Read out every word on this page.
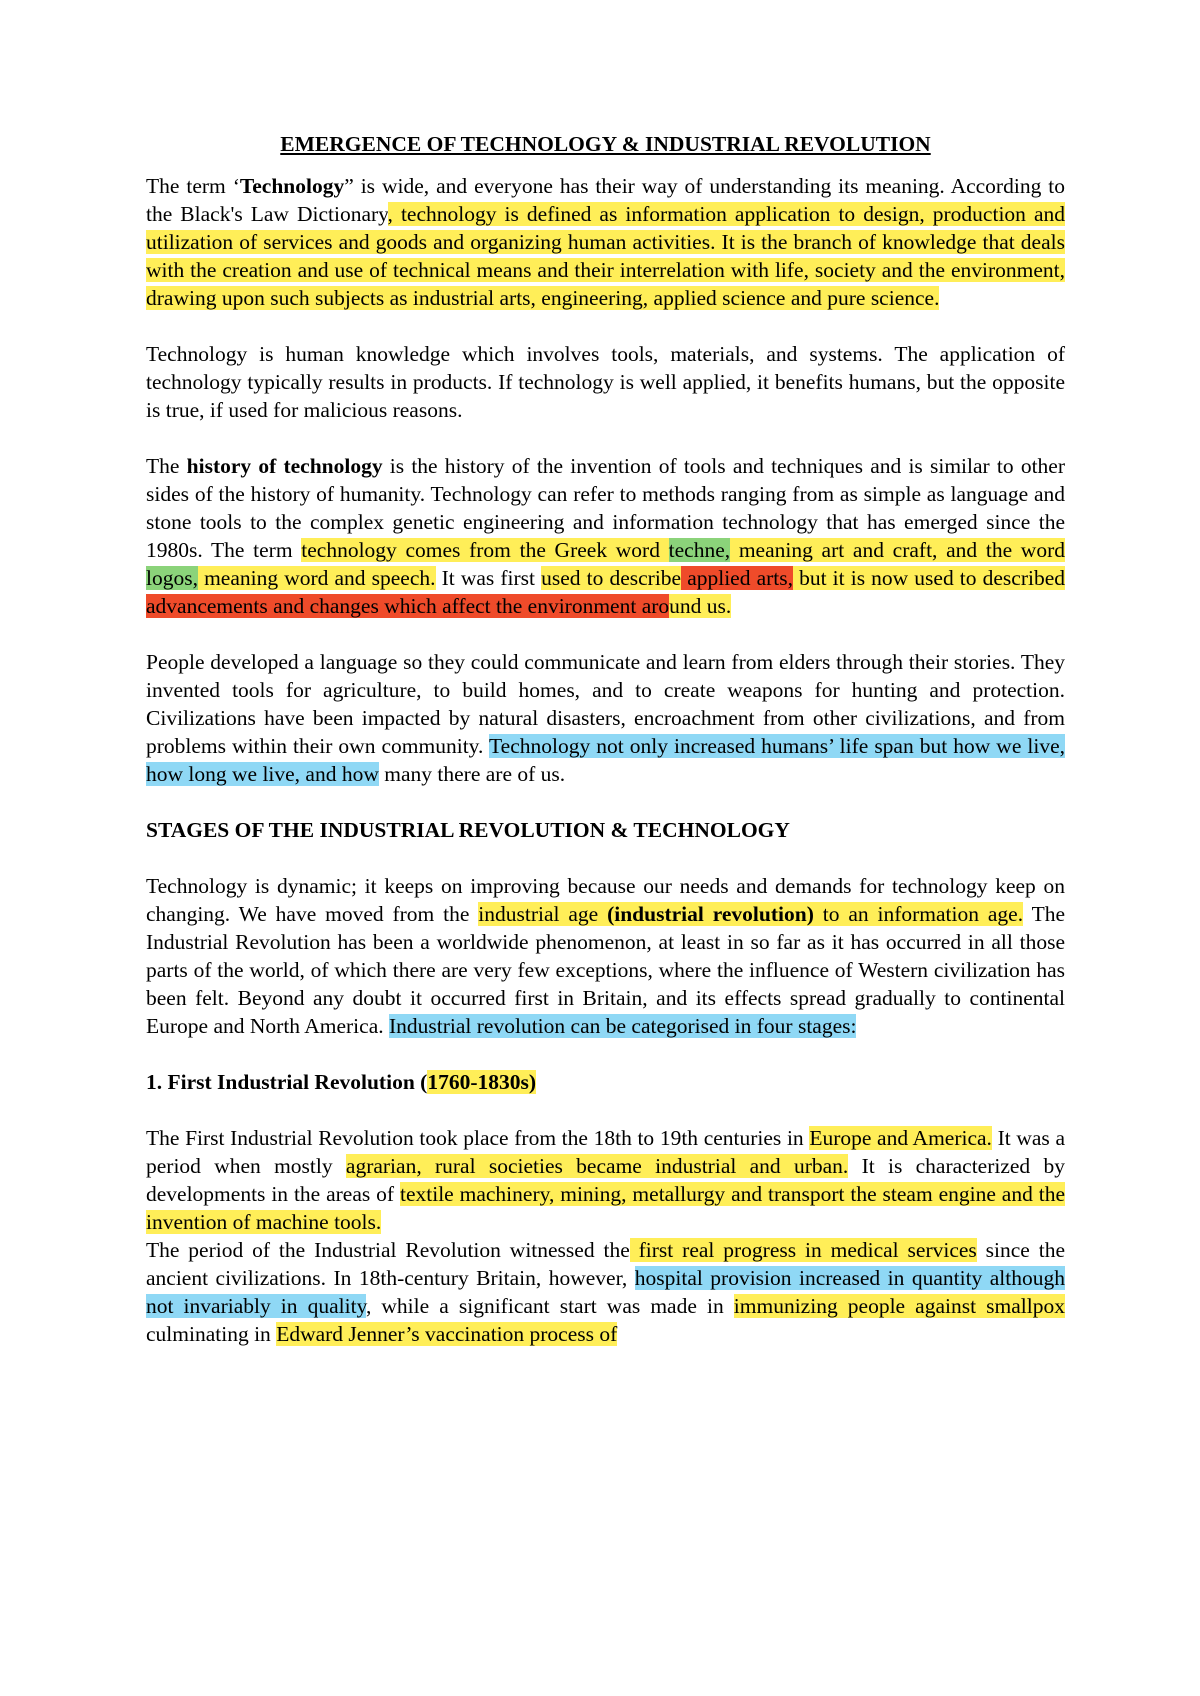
EMERGENCE OF TECHNOLOGY & INDUSTRIAL REVOLUTION

The term ‘Technology” is wide, and everyone has their way of understanding its meaning. According to the Black's Law Dictionary, technology is defined as information application to design, production and utilization of services and goods and organizing human activities. It is the branch of knowledge that deals with the creation and use of technical means and their interrelation with life, society and the environment, drawing upon such subjects as industrial arts, engineering, applied science and pure science.

Technology is human knowledge which involves tools, materials, and systems. The application of technology typically results in products. If technology is well applied, it benefits humans, but the opposite is true, if used for malicious reasons.

The history of technology is the history of the invention of tools and techniques and is similar to other sides of the history of humanity. Technology can refer to methods ranging from as simple as language and stone tools to the complex genetic engineering and information technology that has emerged since the 1980s. The term technology comes from the Greek word techne, meaning art and craft, and the word logos, meaning word and speech. It was first used to describe applied arts, but it is now used to described advancements and changes which affect the environment around us.

People developed a language so they could communicate and learn from elders through their stories. They invented tools for agriculture, to build homes, and to create weapons for hunting and protection. Civilizations have been impacted by natural disasters, encroachment from other civilizations, and from problems within their own community. Technology not only increased humans’ life span but how we live, how long we live, and how many there are of us.

STAGES OF THE INDUSTRIAL REVOLUTION & TECHNOLOGY

Technology is dynamic; it keeps on improving because our needs and demands for technology keep on changing. We have moved from the industrial age (industrial revolution) to an information age. The Industrial Revolution has been a worldwide phenomenon, at least in so far as it has occurred in all those parts of the world, of which there are very few exceptions, where the influence of Western civilization has been felt. Beyond any doubt it occurred first in Britain, and its effects spread gradually to continental Europe and North America. Industrial revolution can be categorised in four stages:

1. First Industrial Revolution (1760-1830s)

The First Industrial Revolution took place from the 18th to 19th centuries in Europe and America. It was a period when mostly agrarian, rural societies became industrial and urban. It is characterized by developments in the areas of textile machinery, mining, metallurgy and transport the steam engine and the invention of machine tools.

The period of the Industrial Revolution witnessed the first real progress in medical services since the ancient civilizations. In 18th-century Britain, however, hospital provision increased in quantity although not invariably in quality, while a significant start was made in immunizing people against smallpox culminating in Edward Jenner’s vaccination process of
